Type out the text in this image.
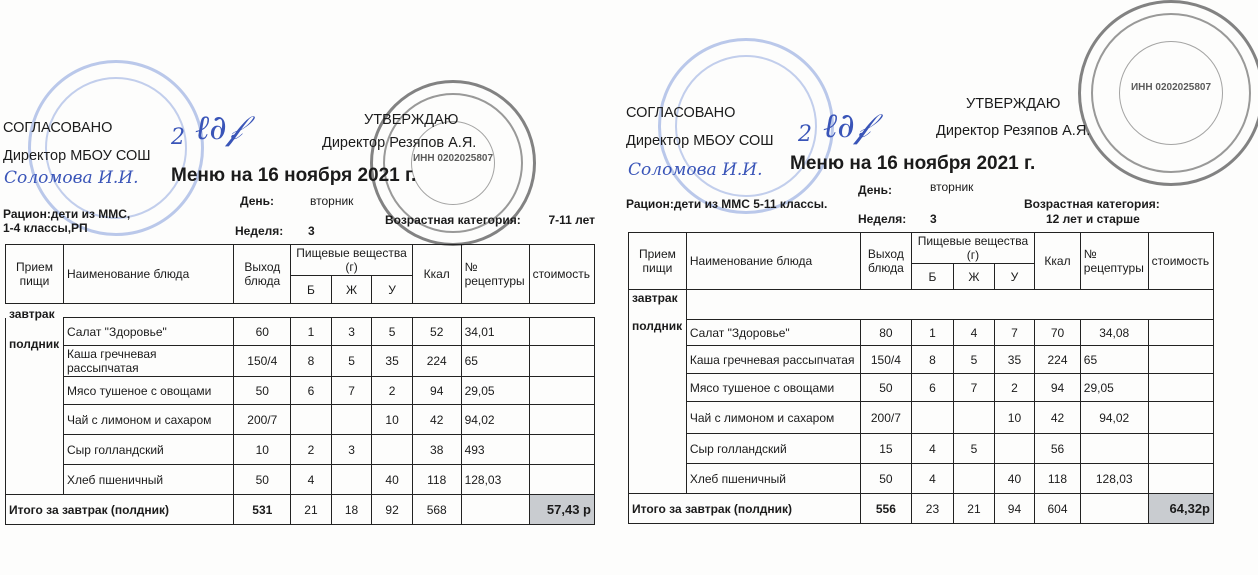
ИНН 0202025807
СОГЛАСОВАНО	УТВЕРЖДАЮ
Директор МБОУ СОШ
2 ℓ∂𝒻	Директор Резяпов А.Я.
Соломова И.И. Меню на 16 ноября 2021 г.
День:	вторник
Рацион:дети из МMC, 1-4 классы,РП
Возрастная категория:	7-11 лет
Неделя: 3
Прием пищи	Наименование блюда	Выход блюда	Пищевые вещества (г)			Ккал	№ рецептуры	стоимость
			Б	Ж	У			

завтрак
полдник	Салат "Здоровье"	60	1	3	5	52	34,01	
	Каша гречневая рассыпчатая	150/4	8	5	35	224	65	
	Мясо тушеное с овощами	50	6	7	2	94	29,05	
	Чай с лимоном и сахаром	200/7			10	42	94,02	
	Сыр голландский	10	2	3		38	493	
	Хлеб пшеничный	50	4		40	118	128,03	
Итого за завтрак (полдник)		531	21	18	92	568		57,43 р
ИНН 0202025807
СОГЛАСОВАНО
УТВЕРЖДАЮ
Директор МБОУ СОШ 2 ℓ∂𝒻	Директор Резяпов А.Я.
Соломова И.И. Меню на 16 ноября 2021 г.
День:	вторник
Рацион:дети из МMC 5-11 классы.	Возрастная категория:
12 лет и старше
Неделя: 3
Прием пищи	Наименование блюда	Выход блюда	Пищевые вещества (г)			Ккал	№ рецептуры	стоимость
			Б	Ж	У			

завтрак
полдник								

	Салат "Здоровье"	80	1	4	7	70	34,08	
	Каша гречневая рассыпчатая	150/4	8	5	35	224	65	
	Мясо тушеное с овощами	50	6	7	2	94	29,05	
	Чай с лимоном и сахаром	200/7			10	42	94,02	
	Сыр голландский	15	4	5		56		
	Хлеб пшеничный	50	4		40	118	128,03	
Итого за завтрак (полдник)		556	23	21	94	604		64,32р
